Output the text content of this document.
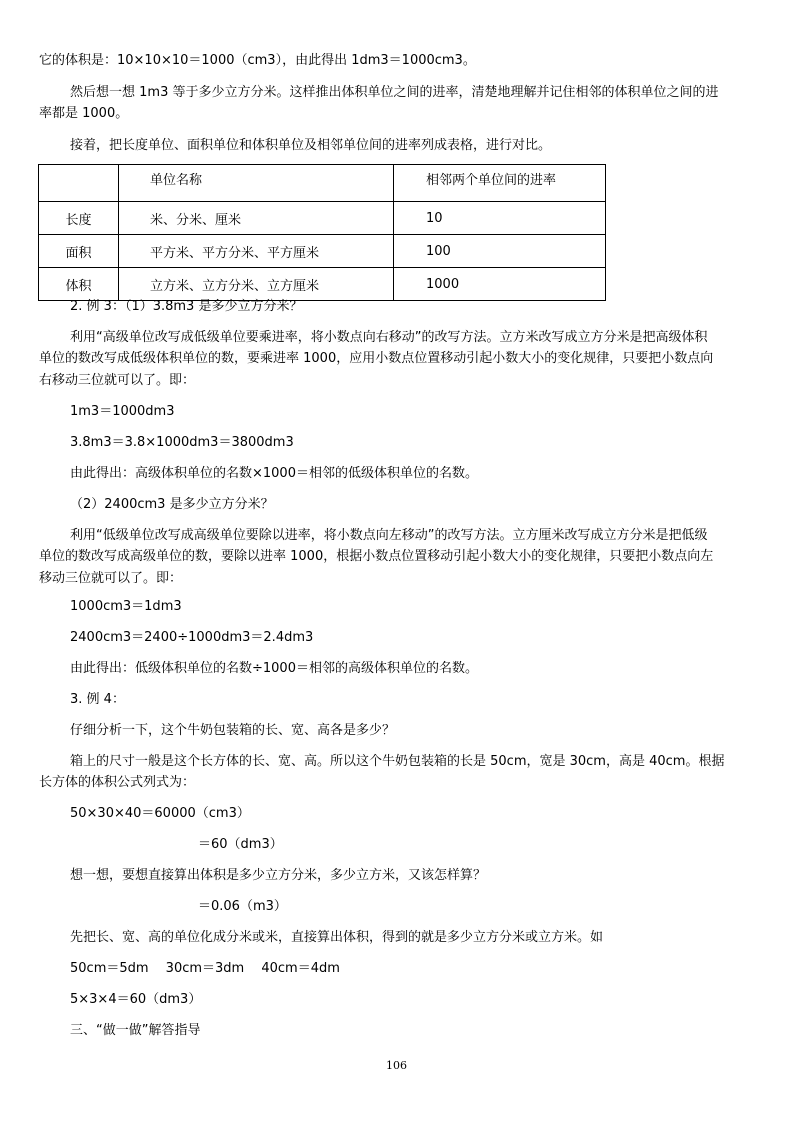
它的体积是：10×10×10＝1000（cm3），由此得出 1dm3＝1000cm3。
然后想一想 1m3 等于多少立方分米。这样推出体积单位之间的进率，清楚地理解并记住相邻的体积单位之间的进
率都是 1000。
接着，把长度单位、面积单位和体积单位及相邻单位间的进率列成表格，进行对比。
	单位名称	相邻两个单位间的进率
长度	米、分米、厘米	10
面积	平方米、平方分米、平方厘米	100
体积	立方米、立方分米、立方厘米	1000
2. 例 3：（1）3.8m3 是多少立方分米？
利用“高级单位改写成低级单位要乘进率，将小数点向右移动”的改写方法。立方米改写成立方分米是把高级体积
单位的数改写成低级体积单位的数，要乘进率 1000，应用小数点位置移动引起小数大小的变化规律，只要把小数点向
右移动三位就可以了。即：
1m3＝1000dm3
3.8m3＝3.8×1000dm3＝3800dm3
由此得出：高级体积单位的名数×1000＝相邻的低级体积单位的名数。
（2）2400cm3 是多少立方分米？
利用“低级单位改写成高级单位要除以进率，将小数点向左移动”的改写方法。立方厘米改写成立方分米是把低级
单位的数改写成高级单位的数，要除以进率 1000，根据小数点位置移动引起小数大小的变化规律，只要把小数点向左
移动三位就可以了。即：
1000cm3＝1dm3
2400cm3＝2400÷1000dm3＝2.4dm3
由此得出：低级体积单位的名数÷1000＝相邻的高级体积单位的名数。
3. 例 4：
仔细分析一下，这个牛奶包装箱的长、宽、高各是多少？
箱上的尺寸一般是这个长方体的长、宽、高。所以这个牛奶包装箱的长是 50cm，宽是 30cm，高是 40cm。根据
长方体的体积公式列式为：
50×30×40＝60000（cm3）
＝60（dm3）
想一想，要想直接算出体积是多少立方分米，多少立方米，又该怎样算？
＝0.06（m3）
先把长、宽、高的单位化成分米或米，直接算出体积，得到的就是多少立方分米或立方米。如
50cm＝5dm　 30cm＝3dm　 40cm＝4dm
5×3×4＝60（dm3）
三、“做一做”解答指导
106
